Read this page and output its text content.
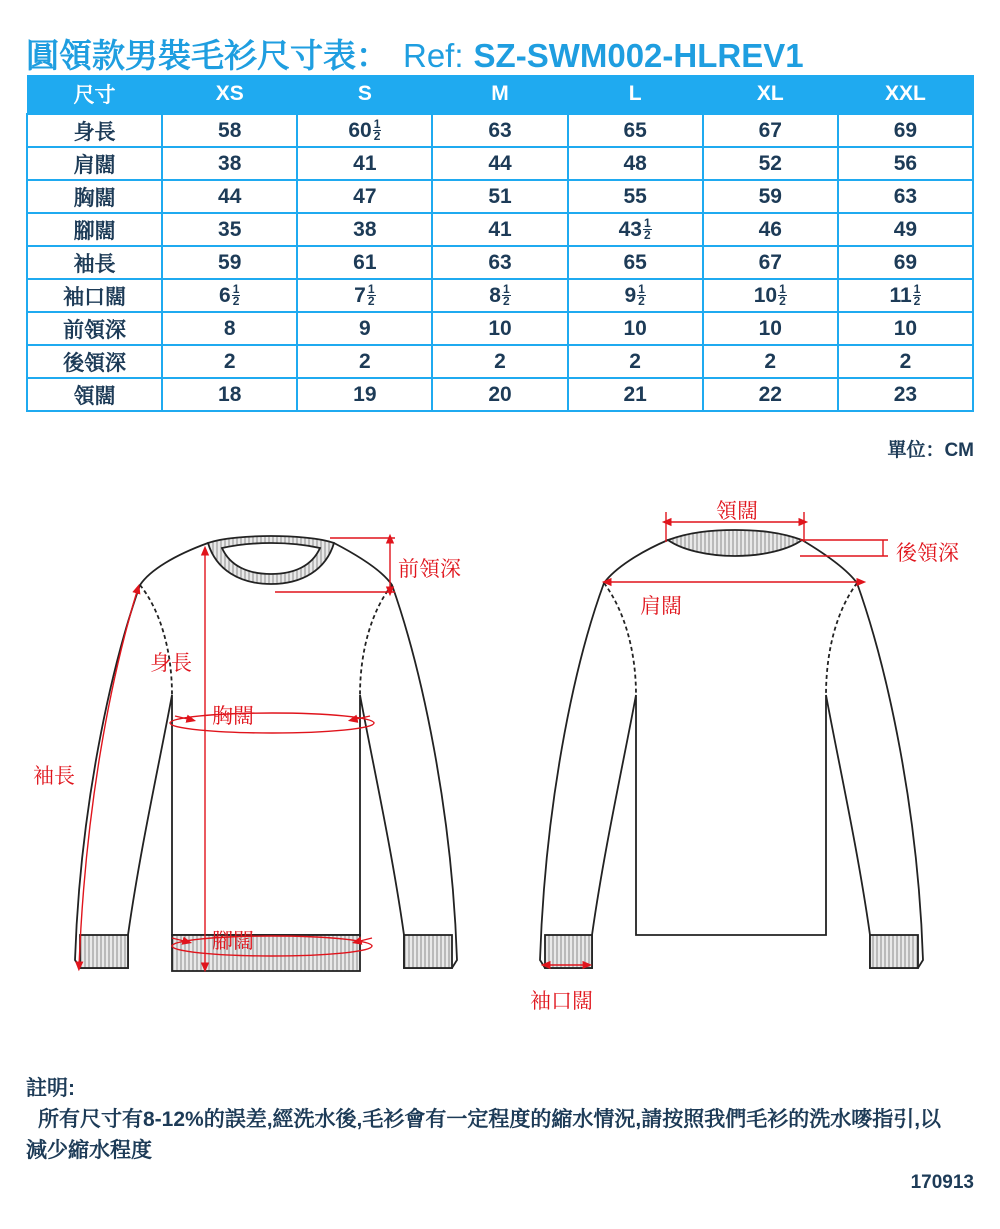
圓領款男裝毛衫尺寸表： Ref: SZ-SWM002-HLREV1
尺寸	XS	S	M	L	XL	XXL
身長	58	$60 \frac{1}{2}$	63	65	67	69
肩闊	38	41	44	48	52	56
胸闊	44	47	51	55	59	63
腳闊	35	38	41	$43 \frac{1}{2}$	46	49
袖長	59	61	63	65	67	69
袖口闊	$6 \frac{1}{2}$	$7 \frac{1}{2}$	$8 \frac{1}{2}$	$9 \frac{1}{2}$	$10 \frac{1}{2}$	$11 \frac{1}{2}$

前領深	8	9	10	10	10	10
後領深	2	2	2	2	2	2
領闊	18	19	20	21	22	23
單位：CM
前領深
身長
胸闊
袖長
腳闊
領闊
後領深
肩闊
袖口闊
註明:
所有尺寸有8-12%的誤差,經洗水後,毛衫會有一定程度的縮水情況,請按照我們毛衫的洗水嘜指引,以減少縮水程度
170913
